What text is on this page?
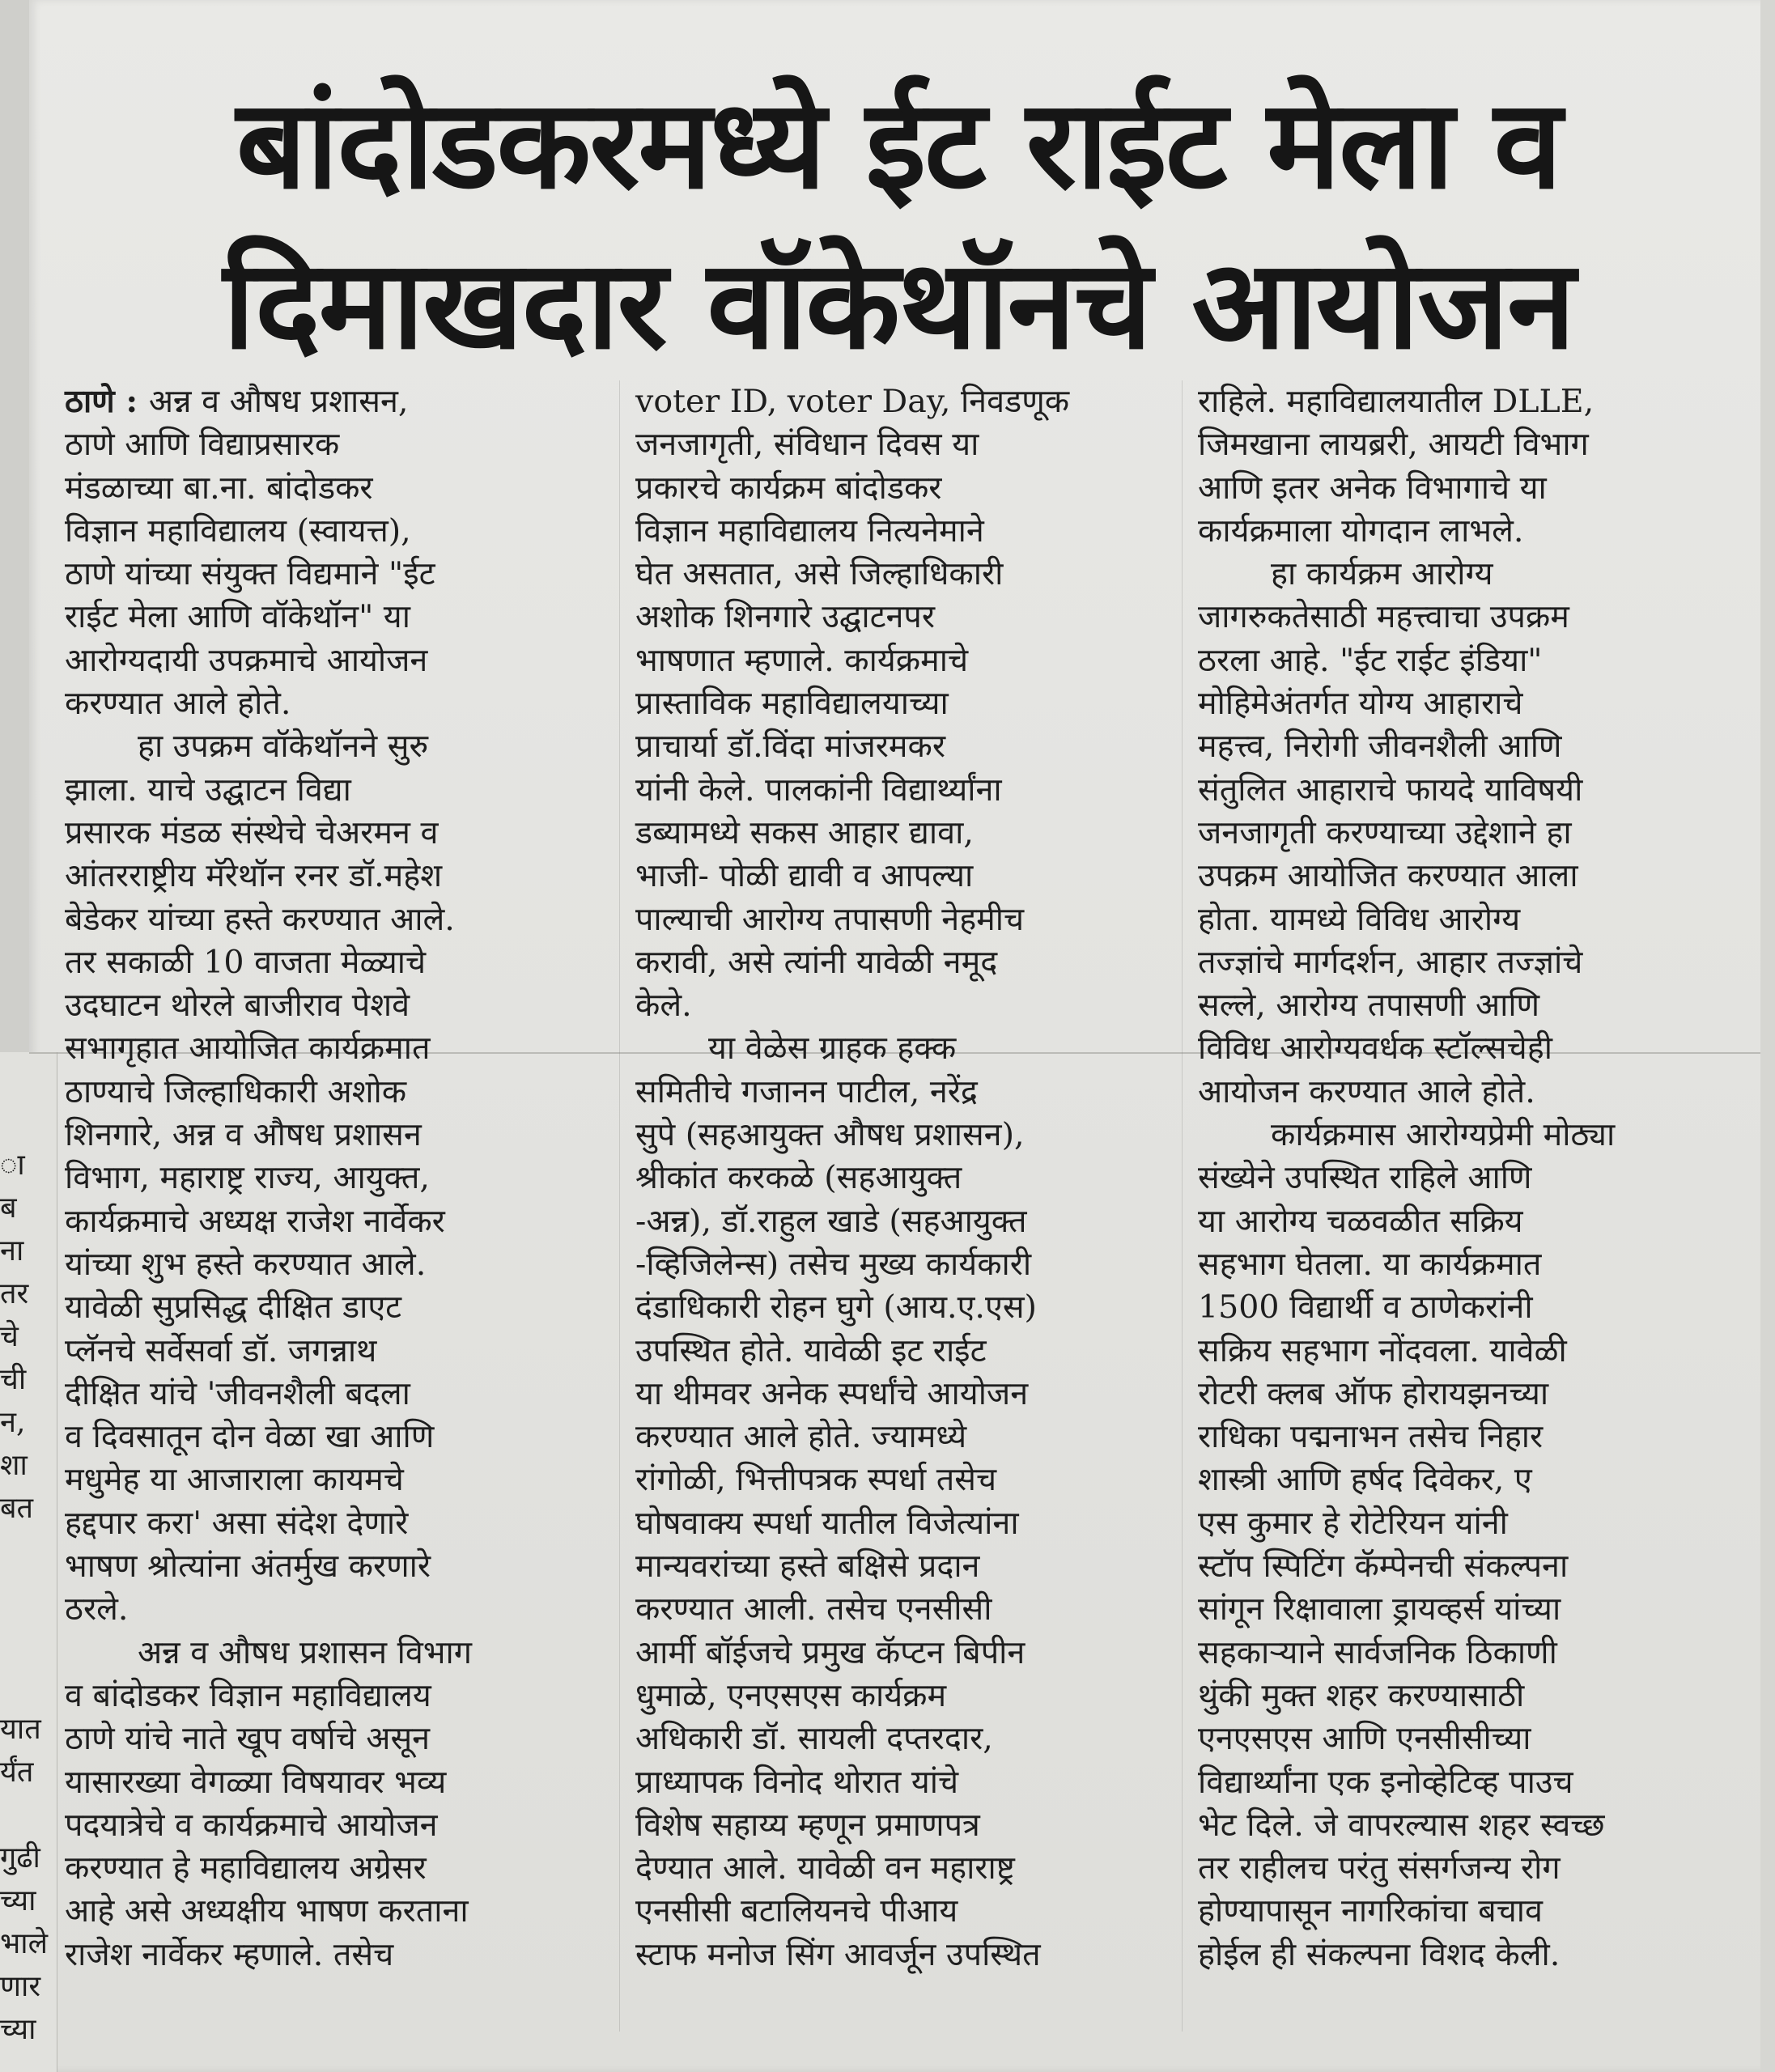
बांदोडकरमध्ये ईट राईट मेला व
दिमाखदार वॉकेथॉनचे आयोजन
ठाणे : अन्न व औषध प्रशासन,
ठाणे आणि विद्याप्रसारक
मंडळाच्या बा.ना. बांदोडकर
विज्ञान महाविद्यालय (स्वायत्त),
ठाणे यांच्या संयुक्त विद्यमाने "ईट
राईट मेला आणि वॉकेथॉन" या
आरोग्यदायी उपक्रमाचे आयोजन
करण्यात आले होते.
हा उपक्रम वॉकेथॉनने सुरु
झाला. याचे उद्घाटन विद्या
प्रसारक मंडळ संस्थेचे चेअरमन व
आंतरराष्ट्रीय मॅरेथॉन रनर डॉ.महेश
बेडेकर यांच्या हस्ते करण्यात आले.
तर सकाळी 10 वाजता मेळ्याचे
उदघाटन थोरले बाजीराव पेशवे
सभागृहात आयोजित कार्यक्रमात
ठाण्याचे जिल्हाधिकारी अशोक
शिनगारे, अन्न व औषध प्रशासन
विभाग, महाराष्ट्र राज्य, आयुक्त,
कार्यक्रमाचे अध्यक्ष राजेश नार्वेकर
यांच्या शुभ हस्ते करण्यात आले.
यावेळी सुप्रसिद्ध दीक्षित डाएट
प्लॅनचे सर्वेसर्वा डॉ. जगन्नाथ
दीक्षित यांचे 'जीवनशैली बदला
व दिवसातून दोन वेळा खा आणि
मधुमेह या आजाराला कायमचे
हद्दपार करा' असा संदेश देणारे
भाषण श्रोत्यांना अंतर्मुख करणारे
ठरले.
अन्न व औषध प्रशासन विभाग
व बांदोडकर विज्ञान महाविद्यालय
ठाणे यांचे नाते खूप वर्षाचे असून
यासारख्या वेगळ्या विषयावर भव्य
पदयात्रेचे व कार्यक्रमाचे आयोजन
करण्यात हे महाविद्यालय अग्रेसर
आहे असे अध्यक्षीय भाषण करताना
राजेश नार्वेकर म्हणाले. तसेच
voter ID, voter Day, निवडणूक
जनजागृती, संविधान दिवस या
प्रकारचे कार्यक्रम बांदोडकर
विज्ञान महाविद्यालय नित्यनेमाने
घेत असतात, असे जिल्हाधिकारी
अशोक शिनगारे उद्घाटनपर
भाषणात म्हणाले. कार्यक्रमाचे
प्रास्ताविक महाविद्यालयाच्या
प्राचार्या डॉ.विंदा मांजरमकर
यांनी केले. पालकांनी विद्यार्थ्यांना
डब्यामध्ये सकस आहार द्यावा,
भाजी- पोळी द्यावी व आपल्या
पाल्याची आरोग्य तपासणी नेहमीच
करावी, असे त्यांनी यावेळी नमूद
केले.
या वेळेस ग्राहक हक्क
समितीचे गजानन पाटील, नरेंद्र
सुपे (सहआयुक्त औषध प्रशासन),
श्रीकांत करकळे (सहआयुक्त
-अन्न), डॉ.राहुल खाडे (सहआयुक्त
-व्हिजिलेन्स) तसेच मुख्य कार्यकारी
दंडाधिकारी रोहन घुगे (आय.ए.एस)
उपस्थित होते. यावेळी इट राईट
या थीमवर अनेक स्पर्धांचे आयोजन
करण्यात आले होते. ज्यामध्ये
रांगोळी, भित्तीपत्रक स्पर्धा तसेच
घोषवाक्य स्पर्धा यातील विजेत्यांना
मान्यवरांच्या हस्ते बक्षिसे प्रदान
करण्यात आली. तसेच एनसीसी
आर्मी बॉईजचे प्रमुख कॅप्टन बिपीन
धुमाळे, एनएसएस कार्यक्रम
अधिकारी डॉ. सायली दप्तरदार,
प्राध्यापक विनोद थोरात यांचे
विशेष सहाय्य म्हणून प्रमाणपत्र
देण्यात आले. यावेळी वन महाराष्ट्र
एनसीसी बटालियनचे पीआय
स्टाफ मनोज सिंग आवर्जून उपस्थित
राहिले. महाविद्यालयातील DLLE,
जिमखाना लायब्ररी, आयटी विभाग
आणि इतर अनेक विभागाचे या
कार्यक्रमाला योगदान लाभले.
हा कार्यक्रम आरोग्य
जागरुकतेसाठी महत्त्वाचा उपक्रम
ठरला आहे. "ईट राईट इंडिया"
मोहिमेअंतर्गत योग्य आहाराचे
महत्त्व, निरोगी जीवनशैली आणि
संतुलित आहाराचे फायदे याविषयी
जनजागृती करण्याच्या उद्देशाने हा
उपक्रम आयोजित करण्यात आला
होता. यामध्ये विविध आरोग्य
तज्ज्ञांचे मार्गदर्शन, आहार तज्ज्ञांचे
सल्ले, आरोग्य तपासणी आणि
विविध आरोग्यवर्धक स्टॉल्सचेही
आयोजन करण्यात आले होते.
कार्यक्रमास आरोग्यप्रेमी मोठ्या
संख्येने उपस्थित राहिले आणि
या आरोग्य चळवळीत सक्रिय
सहभाग घेतला. या कार्यक्रमात
1500 विद्यार्थी व ठाणेकरांनी
सक्रिय सहभाग नोंदवला. यावेळी
रोटरी क्लब ऑफ होरायझनच्या
राधिका पद्मनाभन तसेच निहार
शास्त्री आणि हर्षद दिवेकर, ए
एस कुमार हे रोटेरियन यांनी
स्टॉप स्पिटिंग कॅम्पेनची संकल्पना
सांगून रिक्षावाला ड्रायव्हर्स यांच्या
सहकाऱ्याने सार्वजनिक ठिकाणी
थुंकी मुक्त शहर करण्यासाठी
एनएसएस आणि एनसीसीच्या
विद्यार्थ्यांना एक इनोव्हेटिव्ह पाउच
भेट दिले. जे वापरल्यास शहर स्वच्छ
तर राहीलच परंतु संसर्गजन्य रोग
होण्यापासून नागरिकांचा बचाव
होईल ही संकल्पना विशद केली.
ा
ब
ना
तर
चे
ची
न,
शा
बत
यात
र्यंत
गुढी
च्या
भाले
णार
च्या
